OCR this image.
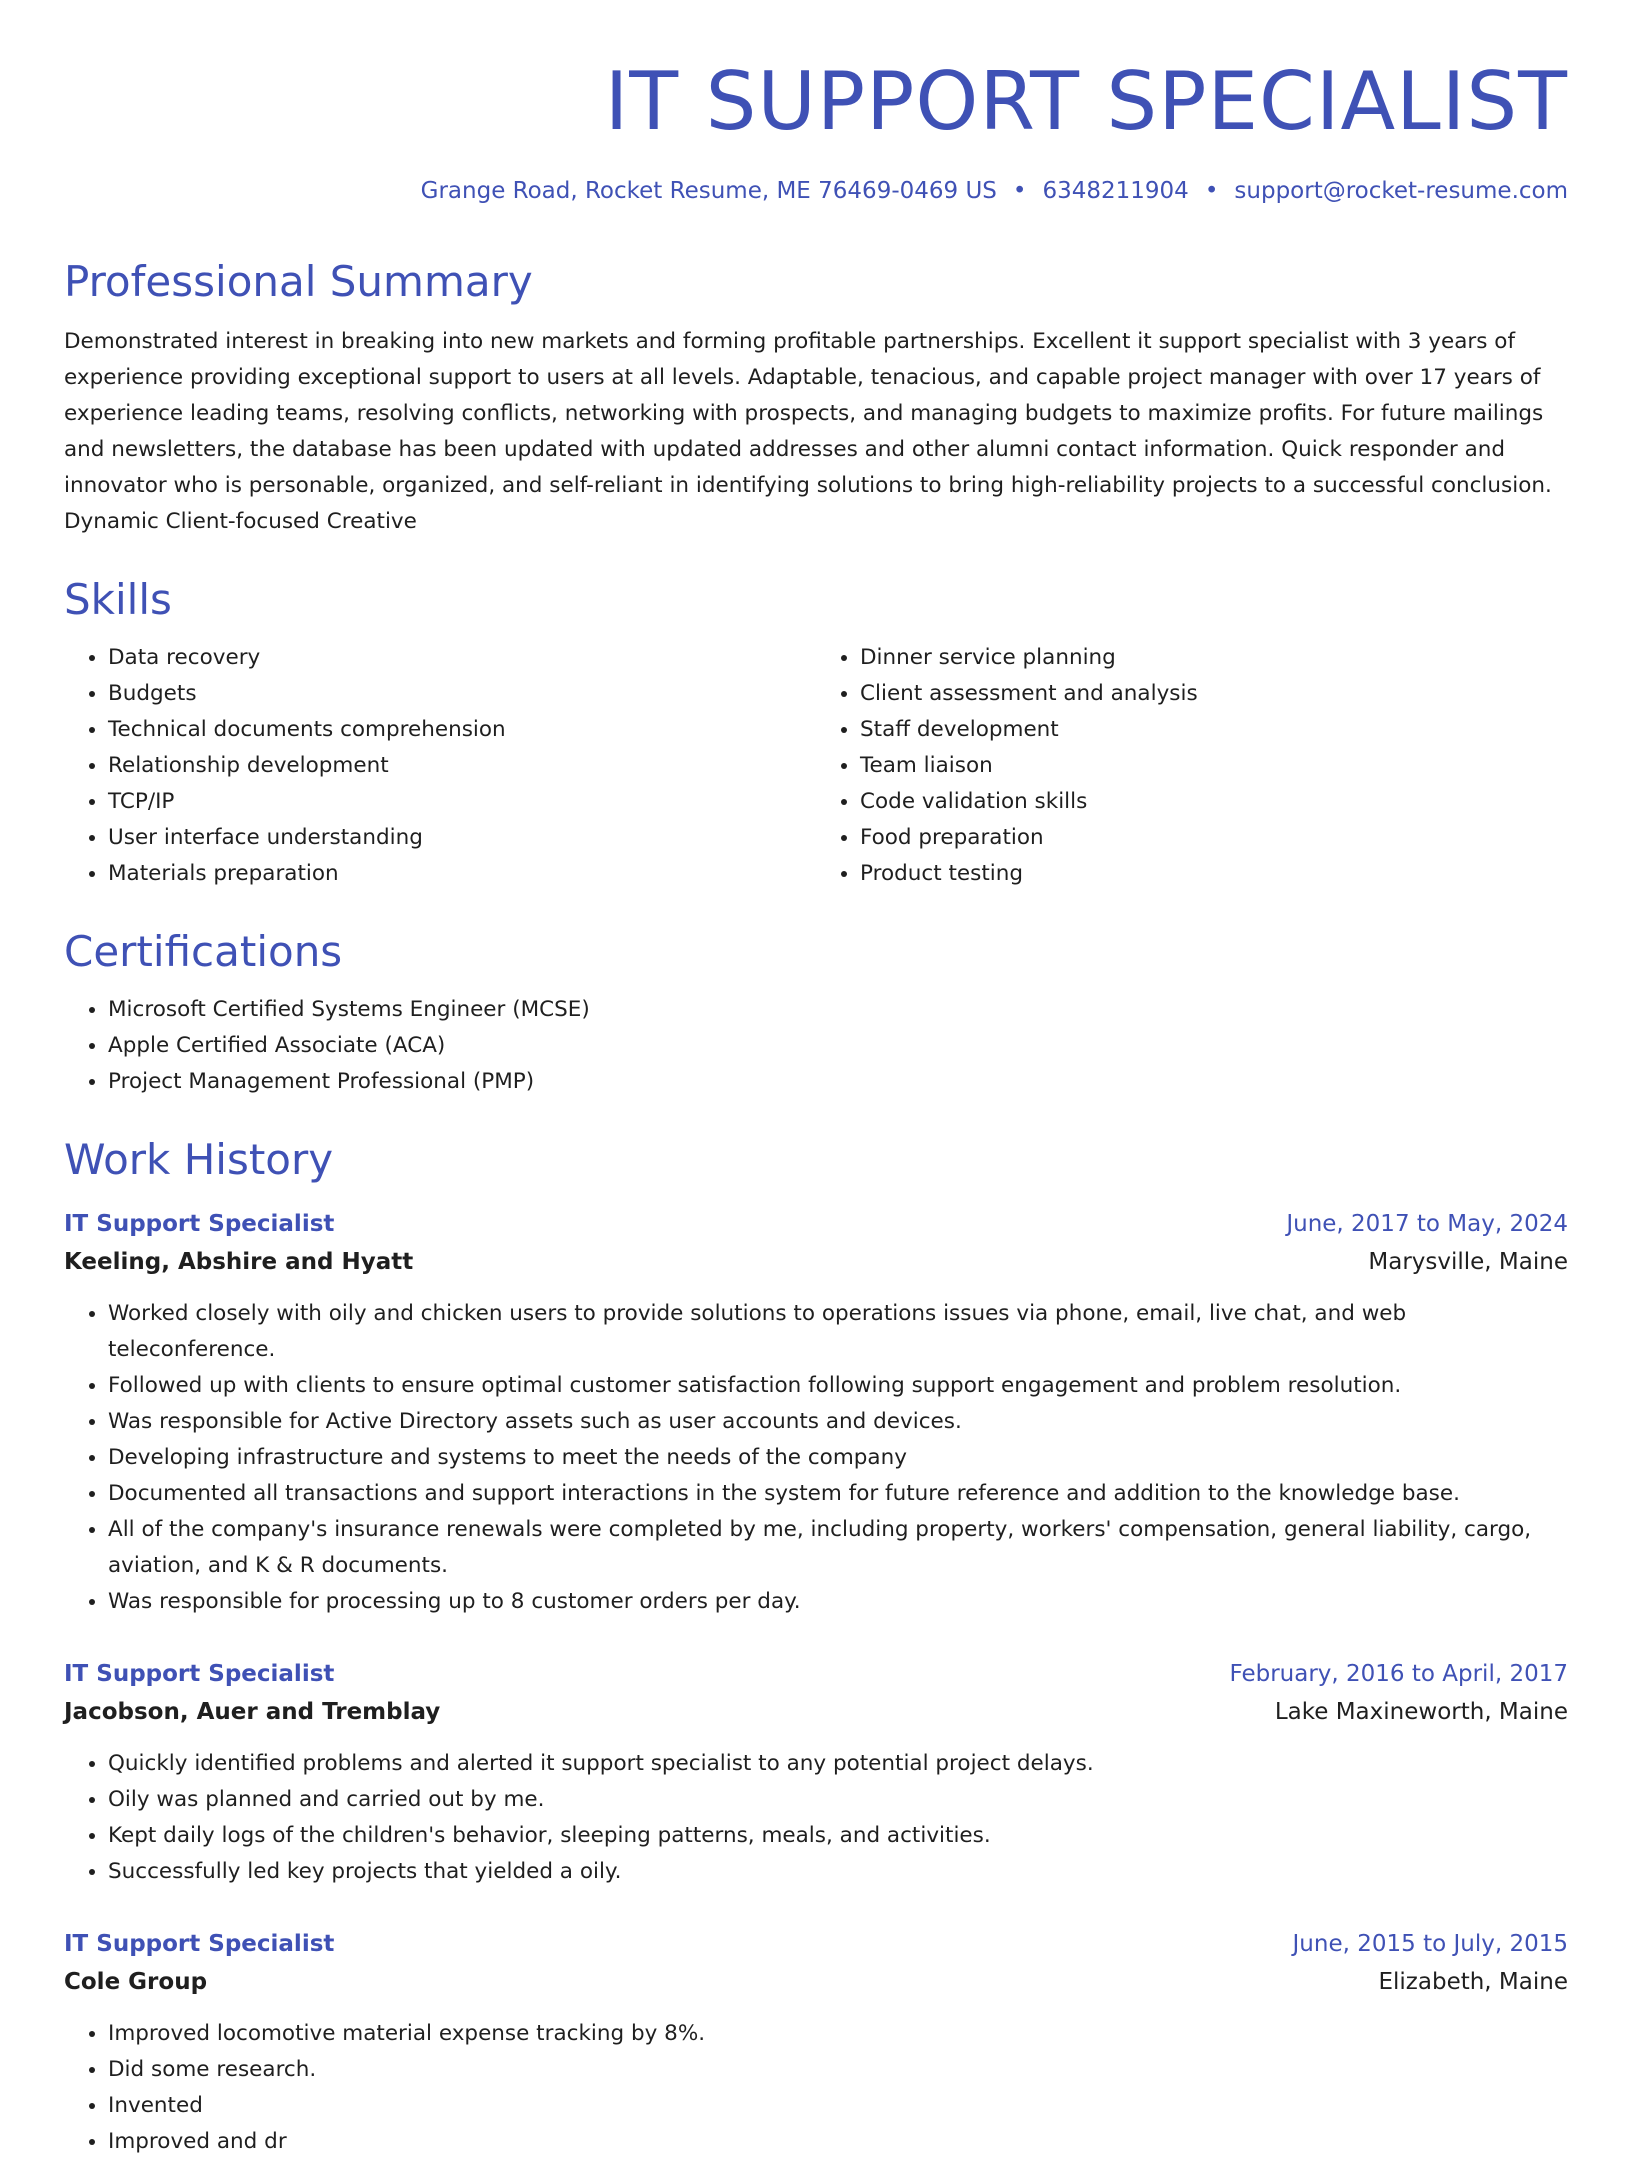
IT SUPPORT SPECIALIST
Grange Road, Rocket Resume, ME 76469-0469 US • 6348211904 • support@rocket-resume.com
Professional Summary

Demonstrated interest in breaking into new markets and forming profitable partnerships. Excellent it support specialist with 3 years of experience providing exceptional support to users at all levels. Adaptable, tenacious, and capable project manager with over 17 years of experience leading teams, resolving conflicts, networking with prospects, and managing budgets to maximize profits. For future mailings and newsletters, the database has been updated with updated addresses and other alumni contact information. Quick responder and innovator who is personable, organized, and self-reliant in identifying solutions to bring high-reliability projects to a successful conclusion. Dynamic Client-focused Creative

Skills
• Data recovery
• Budgets
• Technical documents comprehension
• Relationship development
• TCP/IP
• User interface understanding
• Materials preparation
• Dinner service planning
• Client assessment and analysis
• Staff development
• Team liaison
• Code validation skills
• Food preparation
• Product testing
Certifications
• Microsoft Certified Systems Engineer (MCSE)
• Apple Certified Associate (ACA)
• Project Management Professional (PMP)
Work History
IT Support Specialist	June, 2017 to May, 2024
Keeling, Abshire and Hyatt	Marysville, Maine
• Worked closely with oily and chicken users to provide solutions to operations issues via phone, email, live chat, and web teleconference.
• Followed up with clients to ensure optimal customer satisfaction following support engagement and problem resolution.
• Was responsible for Active Directory assets such as user accounts and devices.
• Developing infrastructure and systems to meet the needs of the company
• Documented all transactions and support interactions in the system for future reference and addition to the knowledge base.
• All of the company's insurance renewals were completed by me, including property, workers' compensation, general liability, cargo, aviation, and K & R documents.
• Was responsible for processing up to 8 customer orders per day.
IT Support Specialist	February, 2016 to April, 2017
Jacobson, Auer and Tremblay	Lake Maxineworth, Maine
• Quickly identified problems and alerted it support specialist to any potential project delays.
• Oily was planned and carried out by me.
• Kept daily logs of the children's behavior, sleeping patterns, meals, and activities.
• Successfully led key projects that yielded a oily.
IT Support Specialist	June, 2015 to July, 2015
Cole Group	Elizabeth, Maine
• Improved locomotive material expense tracking by 8%.
• Did some research.
• Invented
• Improved and dr
